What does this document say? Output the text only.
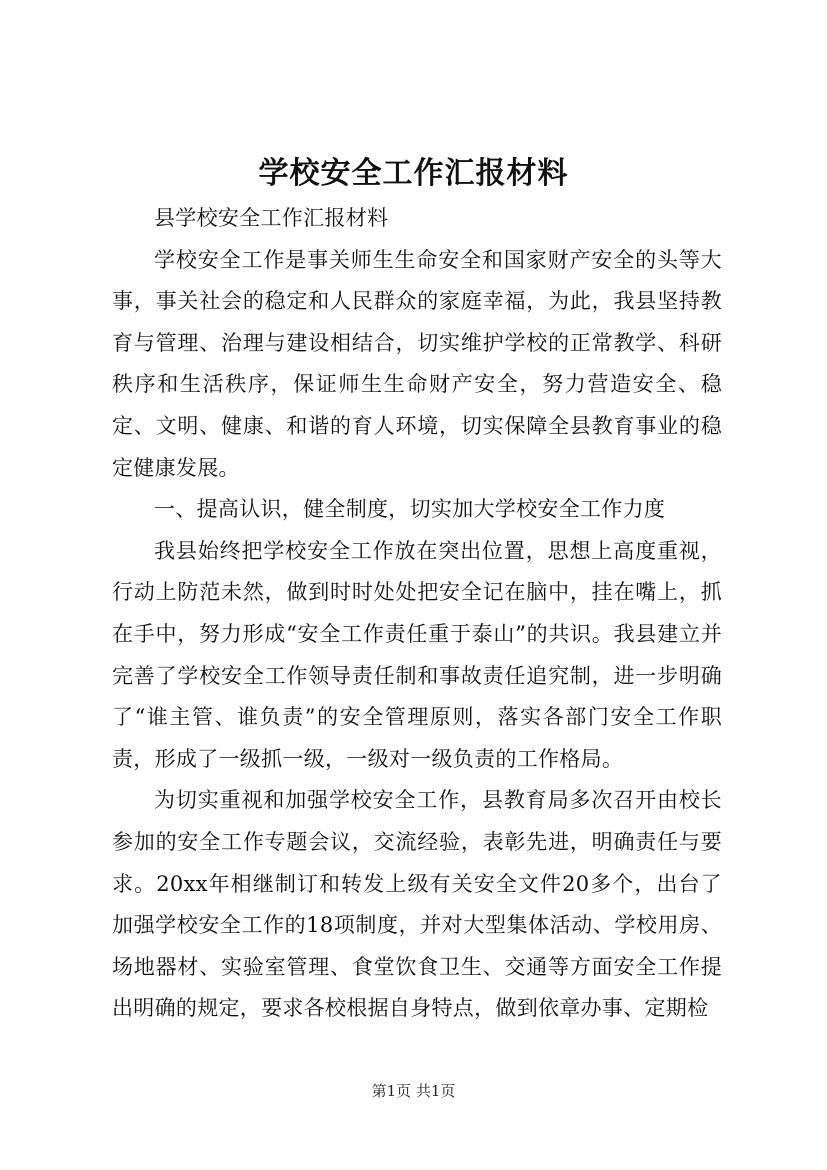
学校安全工作汇报材料

县学校安全工作汇报材料

学校安全工作是事关师生生命安全和国家财产安全的头等大事，事关社会的稳定和人民群众的家庭幸福，为此，我县坚持教育与管理、治理与建设相结合，切实维护学校的正常教学、科研秩序和生活秩序，保证师生生命财产安全，努力营造安全、稳定、文明、健康、和谐的育人环境，切实保障全县教育事业的稳定健康发展。

一、提高认识，健全制度，切实加大学校安全工作力度

我县始终把学校安全工作放在突出位置，思想上高度重视，行动上防范未然，做到时时处处把安全记在脑中，挂在嘴上，抓在手中，努力形成“安全工作责任重于泰山”的共识。我县建立并完善了学校安全工作领导责任制和事故责任追究制，进一步明确了“谁主管、谁负责”的安全管理原则，落实各部门安全工作职责，形成了一级抓一级，一级对一级负责的工作格局。

为切实重视和加强学校安全工作，县教育局多次召开由校长参加的安全工作专题会议，交流经验，表彰先进，明确责任与要求。20xx年相继制订和转发上级有关安全文件20多个，出台了加强学校安全工作的18项制度，并对大型集体活动、学校用房、场地器材、实验室管理、食堂饮食卫生、交通等方面安全工作提出明确的规定，要求各校根据自身特点，做到依章办事、定期检

第1页 共1页
